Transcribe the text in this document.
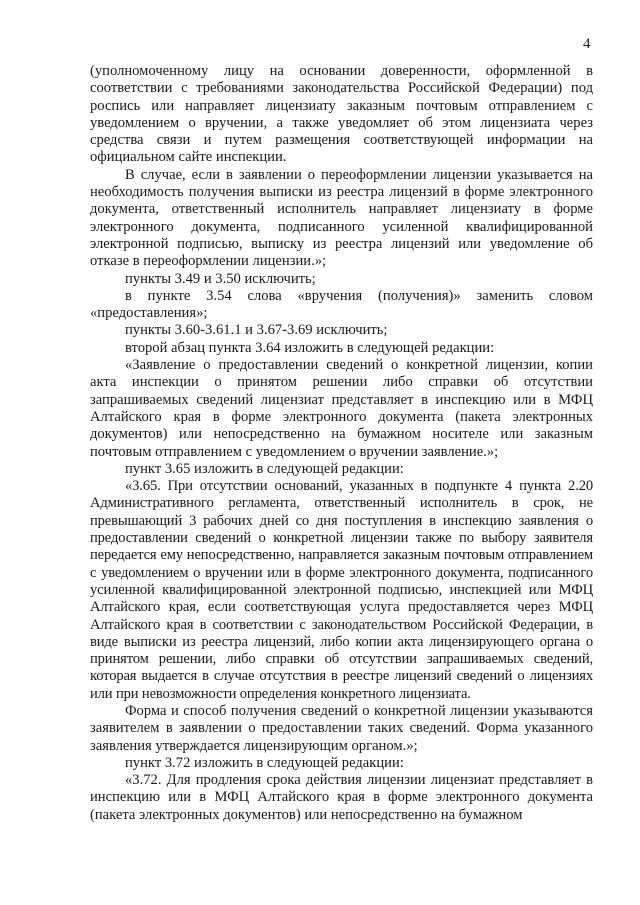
4

(уполномоченному лицу на основании доверенности, оформленной в соответствии с требованиями законодательства Российской Федерации) под роспись или направляет лицензиату заказным почтовым отправлением с уведомлением о вручении, а также уведомляет об этом лицензиата через средства связи и путем размещения соответствующей информации на официальном сайте инспекции.

В случае, если в заявлении о переоформлении лицензии указывается на необходимость получения выписки из реестра лицензий в форме электронного документа, ответственный исполнитель направляет лицензиату в форме электронного документа, подписанного усиленной квалифицированной электронной подписью, выписку из реестра лицензий или уведомление об отказе в переоформлении лицензии.»;

пункты 3.49 и 3.50 исключить;

в пункте 3.54 слова «вручения (получения)» заменить словом «предоставления»;

пункты 3.60-3.61.1 и 3.67-3.69 исключить;

второй абзац пункта 3.64 изложить в следующей редакции:

«Заявление о предоставлении сведений о конкретной лицензии, копии акта инспекции о принятом решении либо справки об отсутствии запрашиваемых сведений лицензиат представляет в инспекцию или в МФЦ Алтайского края в форме электронного документа (пакета электронных документов) или непосредственно на бумажном носителе или заказным почтовым отправлением с уведомлением о вручении заявление.»;

пункт 3.65 изложить в следующей редакции:

«3.65. При отсутствии оснований, указанных в подпункте 4 пункта 2.20 Административного регламента, ответственный исполнитель в срок, не превышающий 3 рабочих дней со дня поступления в инспекцию заявления о предоставлении сведений о конкретной лицензии также по выбору заявителя передается ему непосредственно, направляется заказным почтовым отправлением с уведомлением о вручении или в форме электронного документа, подписанного усиленной квалифицированной электронной подписью, инспекцией или МФЦ Алтайского края, если соответствующая услуга предоставляется через МФЦ Алтайского края в соответствии с законодательством Российской Федерации, в виде выписки из реестра лицензий, либо копии акта лицензирующего органа о принятом решении, либо справки об отсутствии запрашиваемых сведений, которая выдается в случае отсутствия в реестре лицензий сведений о лицензиях или при невозможности определения конкретного лицензиата.

Форма и способ получения сведений о конкретной лицензии указываются заявителем в заявлении о предоставлении таких сведений. Форма указанного заявления утверждается лицензирующим органом.»;

пункт 3.72 изложить в следующей редакции:

«3.72. Для продления срока действия лицензии лицензиат представляет в инспекцию или в МФЦ Алтайского края в форме электронного документа (пакета электронных документов) или непосредственно на бумажном
